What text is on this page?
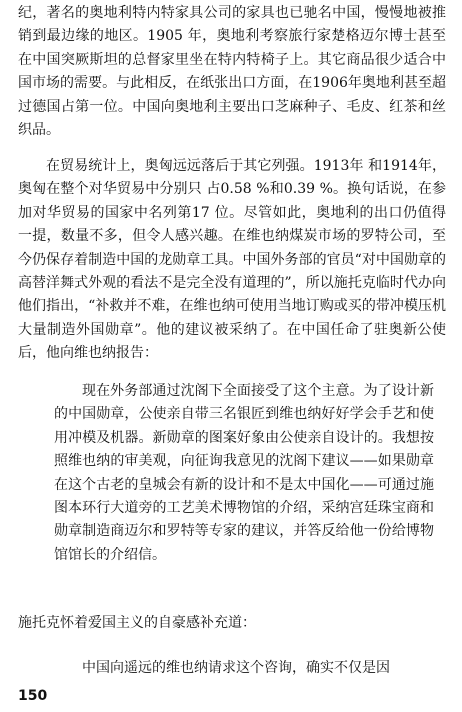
纪，著名的奥地利特内特家具公司的家具也已驰名中国，慢慢地被推销到最边缘的地区。1905 年，奥地利考察旅行家楚格迈尔博士甚至在中国突厥斯坦的总督家里坐在特内特椅子上。其它商品很少适合中国市场的需要。与此相反，在纸张出口方面，在1906年奥地利甚至超过德国占第一位。中国向奥地利主要出口芝麻种子、毛皮、红茶和丝织品。

在贸易统计上，奥匈远远落后于其它列强。1913年 和1914年，奥匈在整个对华贸易中分别只 占0.58 %和0.39 %。换句话说，在参加对华贸易的国家中名列第17 位。尽管如此，奥地利的出口仍值得一提，数量不多，但令人感兴趣。在维也纳煤炭市场的罗特公司，至今仍保存着制造中国的龙勋章工具。中国外务部的官员“对中国勋章的高替洋舞式外观的看法不是完全没有道理的”，所以施托克临时代办向他们指出，“补救并不难，在维也纳可使用当地订购或买的带冲模压机大量制造外国勋章”。他的建议被采纳了。在中国任命了驻奥新公使后，他向维也纳报告：

现在外务部通过沈阁下全面接受了这个主意。为了设计新的中国勋章，公使亲自带三名银匠到维也纳好好学会手艺和使用冲模及机器。新勋章的图案好象由公使亲自设计的。我想按照维也纳的审美观，向征询我意见的沈阁下建议——如果勋章在这个古老的皇城会有新的设计和不是太中国化——可通过施图本环行大道旁的工艺美术博物馆的介绍，采纳宫廷珠宝商和勋章制造商迈尔和罗特等专家的建议，并答反给他一份给博物馆馆长的介绍信。

施托克怀着爱国主义的自豪感补充道：

中国向遥远的维也纳请求这个咨询，确实不仅是因

150
